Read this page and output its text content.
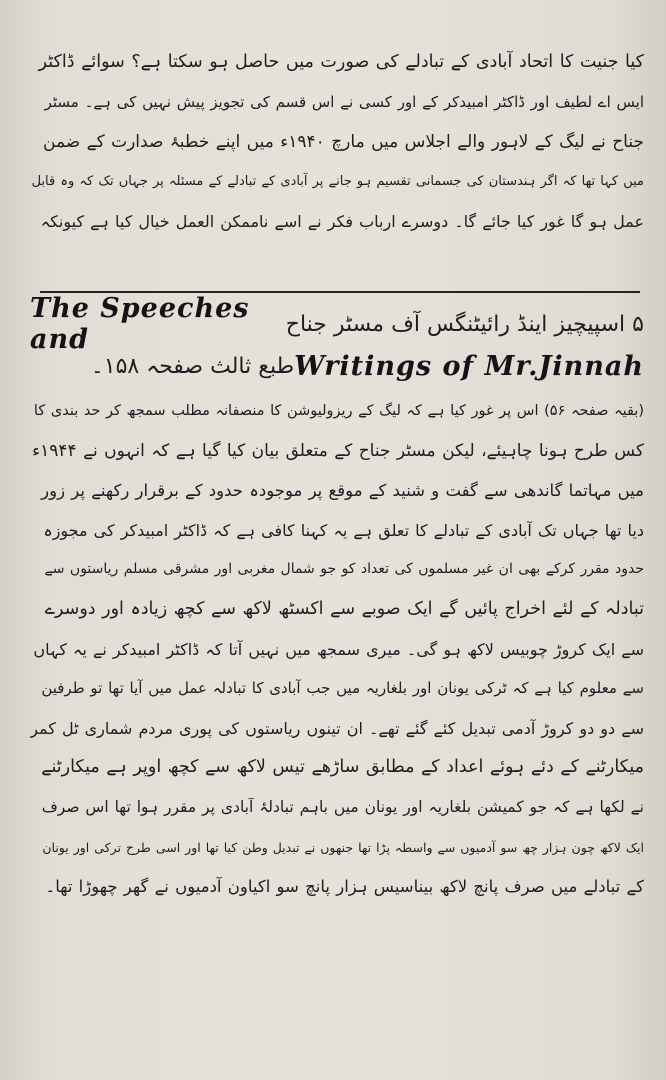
کیا جنیت کا اتحاد آبادی کے تبادلے کی صورت میں حاصل ہو سکتا ہے؟ سوائے ڈاکٹر
ایس اے لطیف اور ڈاکٹر امبیدکر کے اور کسی نے اس قسم کی تجویز پیش نہیں کی ہے۔ مسٹر
جناح نے لیگ کے لاہور والے اجلاس میں مارچ ۱۹۴۰ء میں اپنے خطبۂ صدارت کے ضمن
میں کہا تھا کہ اگر ہندستان کی جسمانی تقسیم ہو جانے پر آبادی کے تبادلے کے مسئلہ پر جہاں تک کہ وہ قابل
عمل ہو گا غور کیا جائے گا۔ دوسرے ارباب فکر نے اسے ناممکن العمل خیال کیا ہے کیونکہ
The Speeches and	۵ اسپیچیز اینڈ رائیٹنگس آف مسٹر جناح
Writings of Mr.Jinnah
طبع ثالث صفحہ ۱۵۸۔
(بقیہ صفحہ ۵۶) اس پر غور کیا ہے کہ لیگ کے ریزولیوشن کا منصفانہ مطلب سمجھ کر حد بندی کا
کس طرح ہونا چاہیئے، لیکن مسٹر جناح کے متعلق بیان کیا گیا ہے کہ انہوں نے ۱۹۴۴ء
میں مہاتما گاندھی سے گفت و شنید کے موقع پر موجودہ حدود کے برقرار رکھنے پر زور
دیا تھا جہاں تک آبادی کے تبادلے کا تعلق ہے یہ کہنا کافی ہے کہ ڈاکٹر امبیدکر کی مجوزہ
حدود مقرر کرکے بھی ان غیر مسلموں کی تعداد کو جو شمال مغربی اور مشرقی مسلم ریاستوں سے
تبادلہ کے لئے اخراج پائیں گے ایک صوبے سے اکسٹھ لاکھ سے کچھ زیادہ اور دوسرے
سے ایک کروڑ چوبیس لاکھ ہو گی۔ میری سمجھ میں نہیں آتا کہ ڈاکٹر امبیدکر نے یہ کہاں
سے معلوم کیا ہے کہ ٹرکی یونان اور بلغاریہ میں جب آبادی کا تبادلہ عمل میں آیا تھا تو طرفین
سے دو دو کروڑ آدمی تبدیل کئے گئے تھے۔ ان تینوں ریاستوں کی پوری مردم شماری ٹل کمر
میکارٹنے کے دئے ہوئے اعداد کے مطابق ساڑھے تیس لاکھ سے کچھ اوپر ہے میکارٹنے
نے لکھا ہے کہ جو کمیشن بلغاریہ اور یونان میں باہم تبادلۂ آبادی پر مقرر ہوا تھا اس صرف
ایک لاکھ چون ہزار چھ سو آدمیوں سے واسطہ پڑا تھا جنھوں نے تبدیل وطن کیا تھا اور اسی طرح ترکی اور یونان
کے تبادلے میں صرف پانچ لاکھ بیناسیس ہزار پانچ سو اکیاون آدمیوں نے گھر چھوڑا تھا۔
